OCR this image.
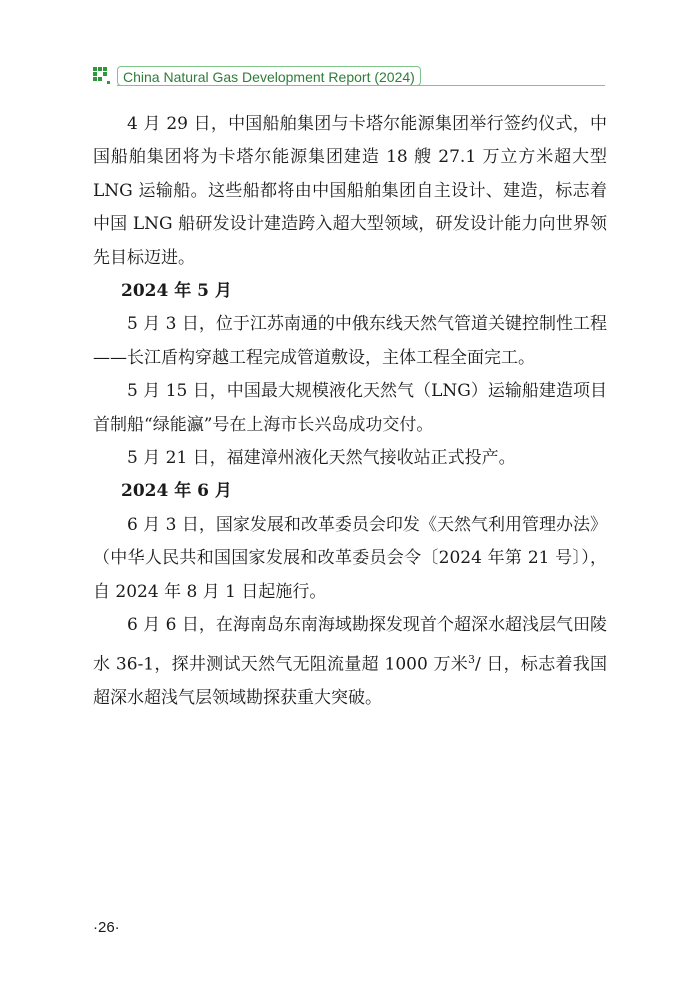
China Natural Gas Development Report (2024)

4 月 29 日，中国船舶集团与卡塔尔能源集团举行签约仪式，中国船舶集团将为卡塔尔能源集团建造 18 艘 27.1 万立方米超大型 LNG 运输船。这些船都将由中国船舶集团自主设计、建造，标志着中国 LNG 船研发设计建造跨入超大型领域，研发设计能力向世界领先目标迈进。

2024 年 5 月

5 月 3 日，位于江苏南通的中俄东线天然气管道关键控制性工程——长江盾构穿越工程完成管道敷设，主体工程全面完工。

5 月 15 日，中国最大规模液化天然气（LNG）运输船建造项目首制船“绿能瀛”号在上海市长兴岛成功交付。

5 月 21 日，福建漳州液化天然气接收站正式投产。

2024 年 6 月

6 月 3 日，国家发展和改革委员会印发《天然气利用管理办法》（中华人民共和国国家发展和改革委员会令〔2024 年第 21 号〕），自 2024 年 8 月 1 日起施行。

6 月 6 日，在海南岛东南海域勘探发现首个超深水超浅层气田陵水 36-1，探井测试天然气无阻流量超 1000 万米$^3$/ 日，标志着我国超深水超浅气层领域勘探获重大突破。

·26·
